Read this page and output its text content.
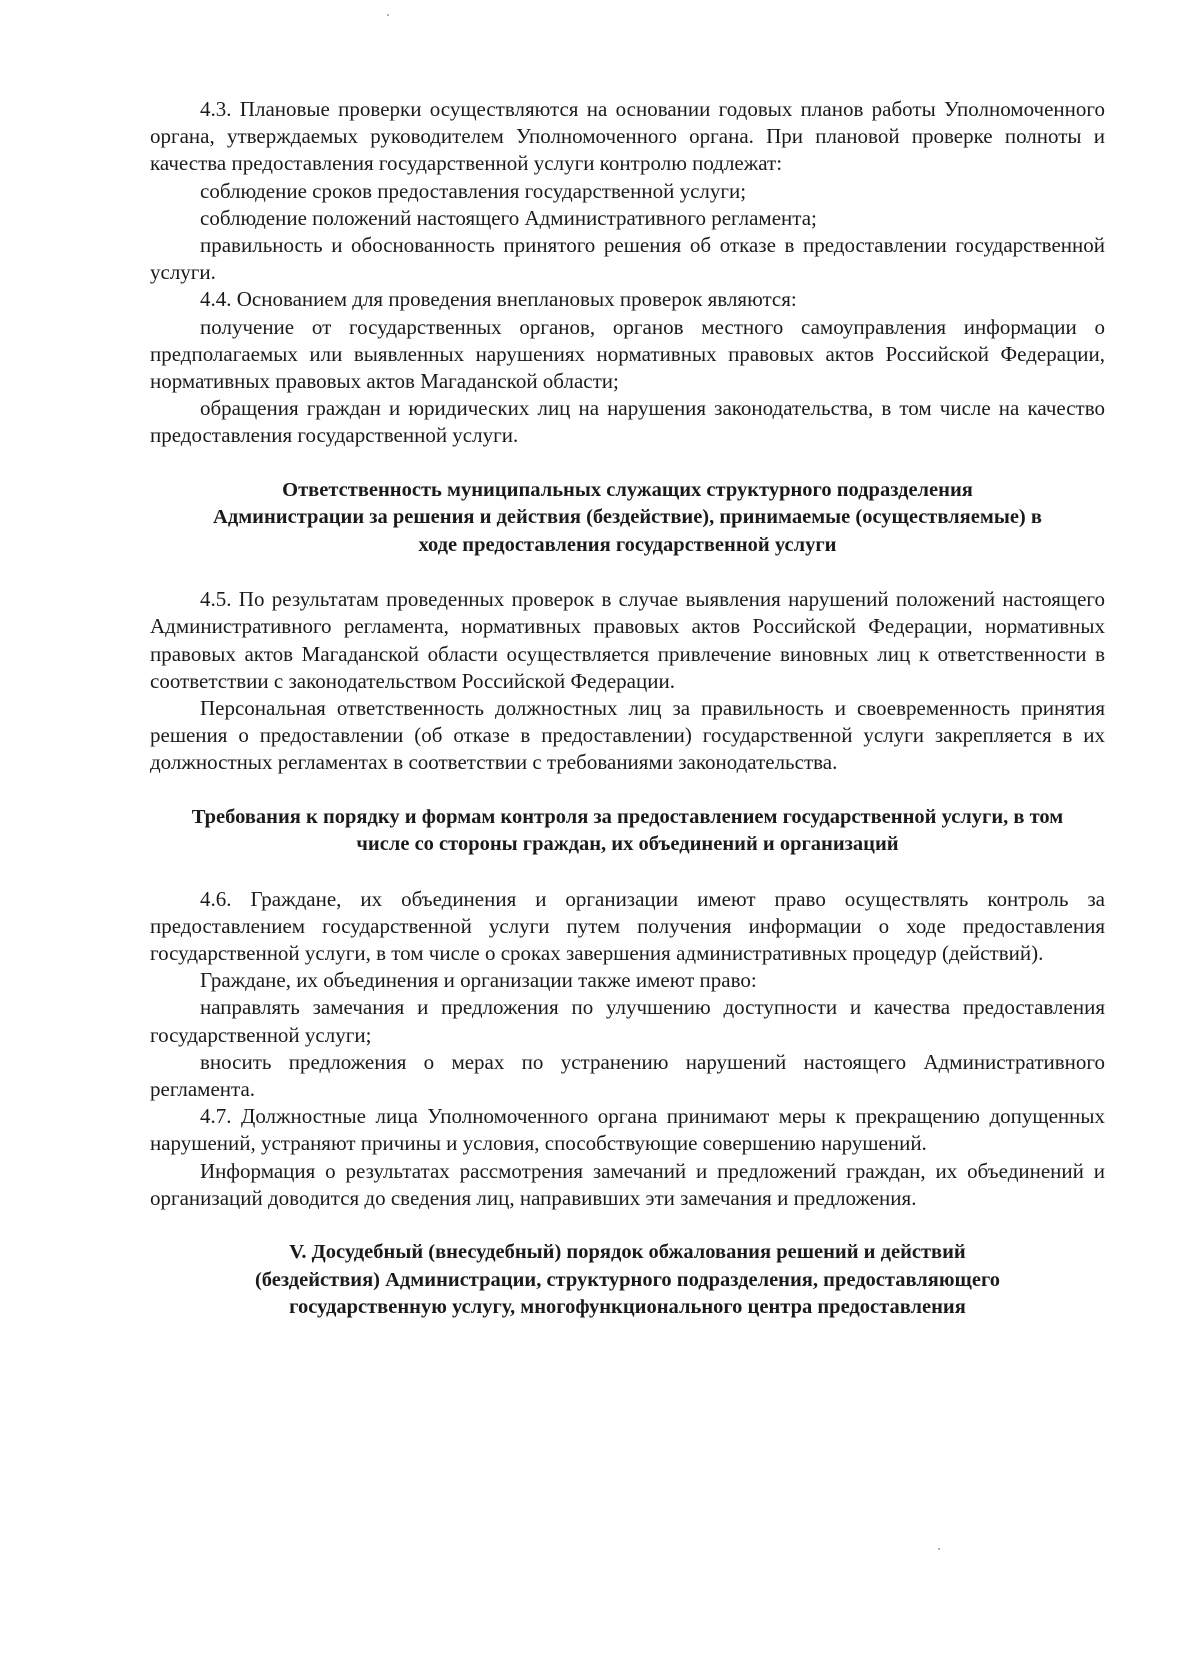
4.3. Плановые проверки осуществляются на основании годовых планов работы Уполномоченного органа, утверждаемых руководителем Уполномоченного органа. При плановой проверке полноты и качества предоставления государственной услуги контролю подлежат:

соблюдение сроков предоставления государственной услуги;

соблюдение положений настоящего Административного регламента;

правильность и обоснованность принятого решения об отказе в предоставлении государственной услуги.

4.4. Основанием для проведения внеплановых проверок являются:

получение от государственных органов, органов местного самоуправления информации о предполагаемых или выявленных нарушениях нормативных правовых актов Российской Федерации, нормативных правовых актов Магаданской области;

обращения граждан и юридических лиц на нарушения законодательства, в том числе на качество предоставления государственной услуги.

Ответственность муниципальных служащих структурного подразделения Администрации за решения и действия (бездействие), принимаемые (осуществляемые) в ходе предоставления государственной услуги

4.5. По результатам проведенных проверок в случае выявления нарушений положений настоящего Административного регламента, нормативных правовых актов Российской Федерации, нормативных правовых актов Магаданской области осуществляется привлечение виновных лиц к ответственности в соответствии с законодательством Российской Федерации.

Персональная ответственность должностных лиц за правильность и своевременность принятия решения о предоставлении (об отказе в предоставлении) государственной услуги закрепляется в их должностных регламентах в соответствии с требованиями законодательства.

Требования к порядку и формам контроля за предоставлением государственной услуги, в том числе со стороны граждан, их объединений и организаций

4.6. Граждане, их объединения и организации имеют право осуществлять контроль за предоставлением государственной услуги путем получения информации о ходе предоставления государственной услуги, в том числе о сроках завершения административных процедур (действий).

Граждане, их объединения и организации также имеют право:

направлять замечания и предложения по улучшению доступности и качества предоставления государственной услуги;

вносить предложения о мерах по устранению нарушений настоящего Административного регламента.

4.7. Должностные лица Уполномоченного органа принимают меры к прекращению допущенных нарушений, устраняют причины и условия, способствующие совершению нарушений.

Информация о результатах рассмотрения замечаний и предложений граждан, их объединений и организаций доводится до сведения лиц, направивших эти замечания и предложения.

V. Досудебный (внесудебный) порядок обжалования решений и действий

(бездействия) Администрации, структурного подразделения, предоставляющего

государственную услугу, многофункционального центра предоставления
